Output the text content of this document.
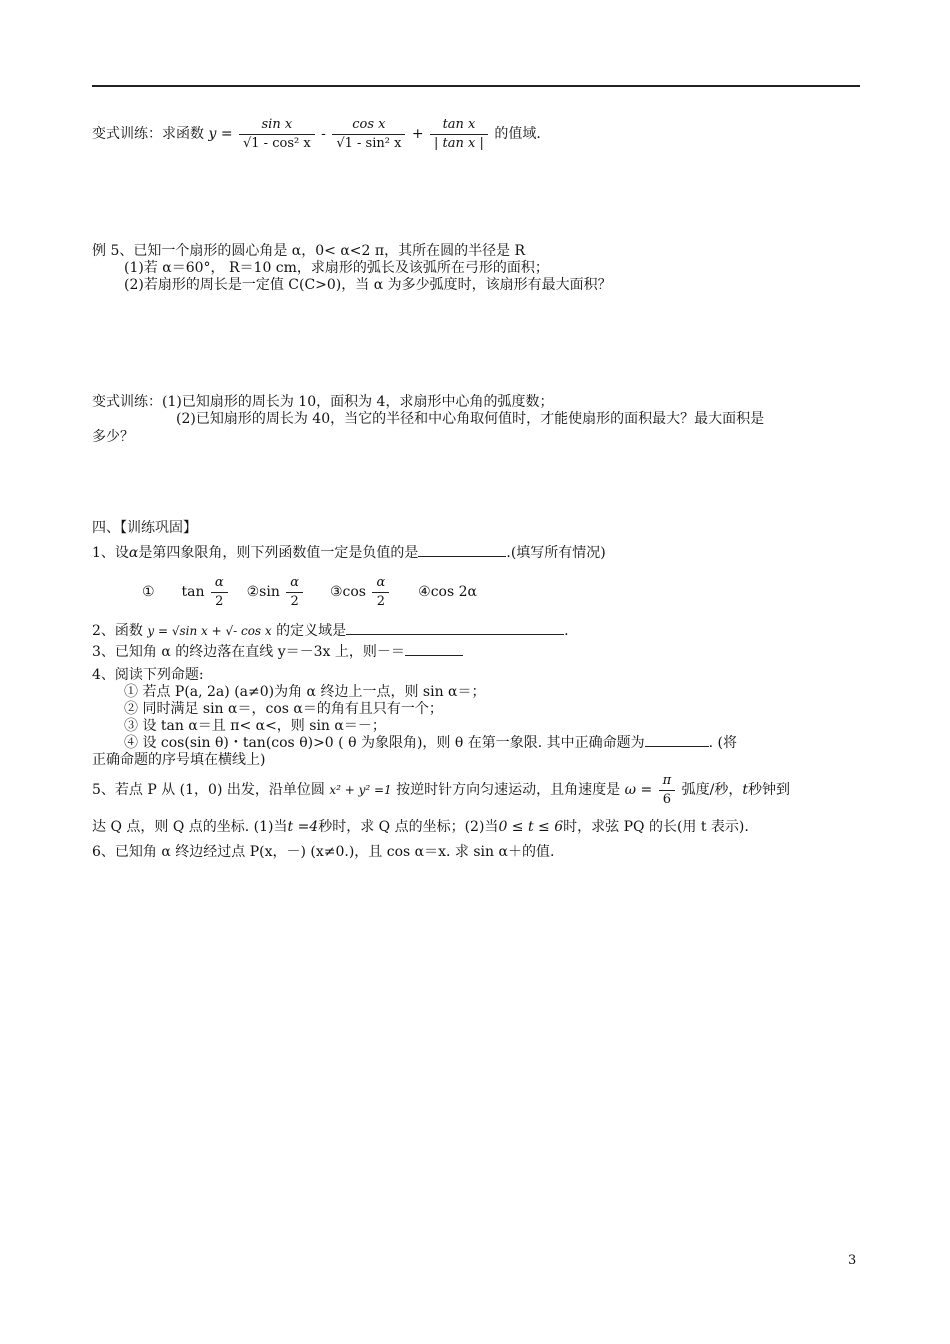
变式训练：求函数 $y = \frac{\text{sin x}}{\text{√1 - cos² x}} - \frac{\text{cos x}}{\text{√1 - sin² x}} + \frac{\text{tan x}}{\text{| tan x |}}$ 的值域.
例 5、已知一个扇形的圆心角是 α，0< α<2 π，其所在圆的半径是 R
(1)若 α＝60°， R＝10 cm，求扇形的弧长及该弧所在弓形的面积；
(2)若扇形的周长是一定值 C(C>0)，当 α 为多少弧度时，该扇形有最大面积？
变式训练：(1)已知扇形的周长为 10，面积为 4，求扇形中心角的弧度数；
(2)已知扇形的周长为 40，当它的半径和中心角取何值时，才能使扇形的面积最大？最大面积是
多少？
四、【训练巩固】
1、设α是第四象限角，则下列函数值一定是负值的是	.(填写所有情况)
① $\tan \frac{\alpha}{2}$ ②sin $\frac{\alpha}{2}$ ③cos $\frac{\alpha}{2}$ ④cos 2α
2、函数 y = √sin x + √- cos x 的定义域是	.
3、已知角 α 的终边落在直线 y＝－3x 上，则－＝
4、阅读下列命题:
① 若点 P(a, 2a) (a≠0)为角 α 终边上一点，则 sin α＝；
② 同时满足 sin α＝，cos α＝的角有且只有一个；
③ 设 tan α＝且 π< α<，则 sin α＝－；
④ 设 cos(sin θ)・tan(cos θ)>0 ( θ 为象限角)，则 θ 在第一象限. 其中正确命题为	. (将
正确命题的序号填在横线上)
5、若点 P 从 (1，0) 出发，沿单位圆 x² + y² =1 按逆时针方向匀速运动，且角速度是 $\omega = \frac{\pi}{6}$ 弧度/秒，t秒钟到
达 Q 点，则 Q 点的坐标. (1)当t =4秒时，求 Q 点的坐标；(2)当0 ≤ t ≤ 6时，求弦 PQ 的长(用 t 表示).
6、已知角 α 终边经过点 P(x，－) (x≠0.)，且 cos α＝x. 求 sin α＋的值.
3
